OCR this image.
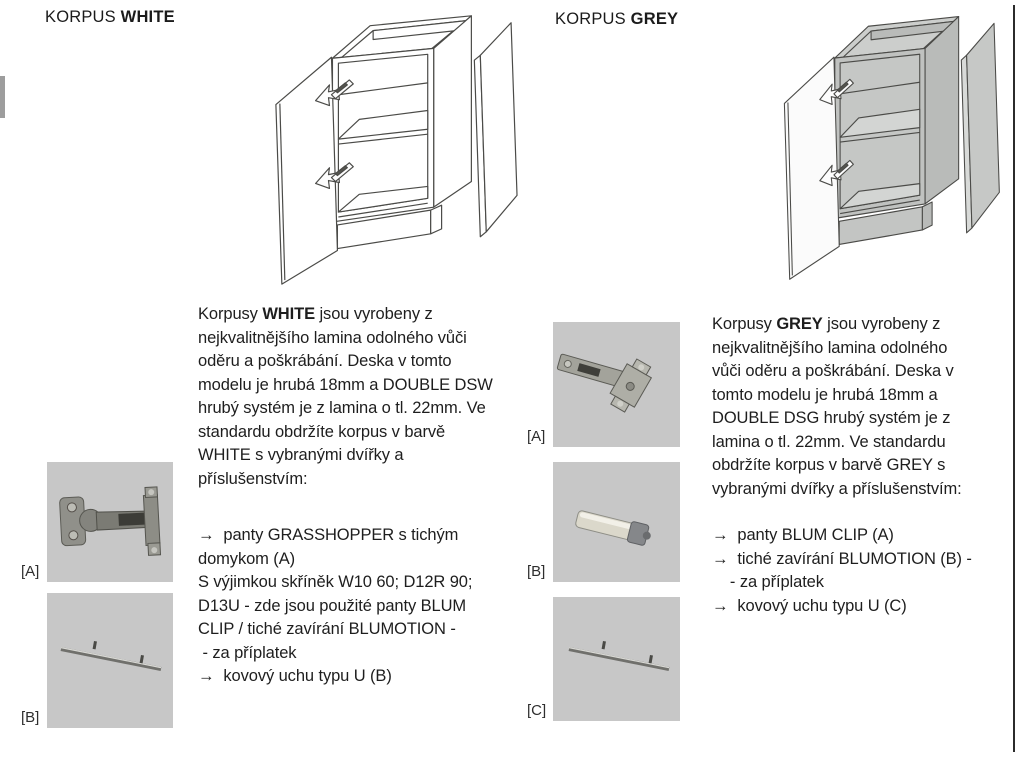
KORPUS WHITE
Korpusy WHITE jsou vyrobeny z
nejkvalitnějšího lamina odolného vůči
oděru a poškrábání. Deska v tomto
modelu je hrubá 18mm a DOUBLE DSW
hrubý systém je z lamina o tl. 22mm. Ve
standardu obdržíte korpus v barvě
WHITE s vybranými dvířky a
příslušenstvím:
→  panty GRASSHOPPER s tichým
domykom (A)
S výjimkou skříněk W10 60; D12R 90;
D13U - zde jsou použité panty BLUM
CLIP / tiché zavírání BLUMOTION -
- za příplatek
→  kovový uchu typu U (B)
[A]
[B]
KORPUS GREY
Korpusy GREY jsou vyrobeny z
nejkvalitnějšího lamina odolného
vůči oděru a poškrábání. Deska v
tomto modelu je hrubá 18mm a
DOUBLE DSG hrubý systém je z
lamina o tl. 22mm. Ve standardu
obdržíte korpus v barvě GREY s
vybranými dvířky a příslušenstvím:
→  panty BLUM CLIP (A)
→  tiché zavírání BLUMOTION (B) -
- za příplatek
→  kovový uchu typu U (C)
[A]
[B]
[C]
